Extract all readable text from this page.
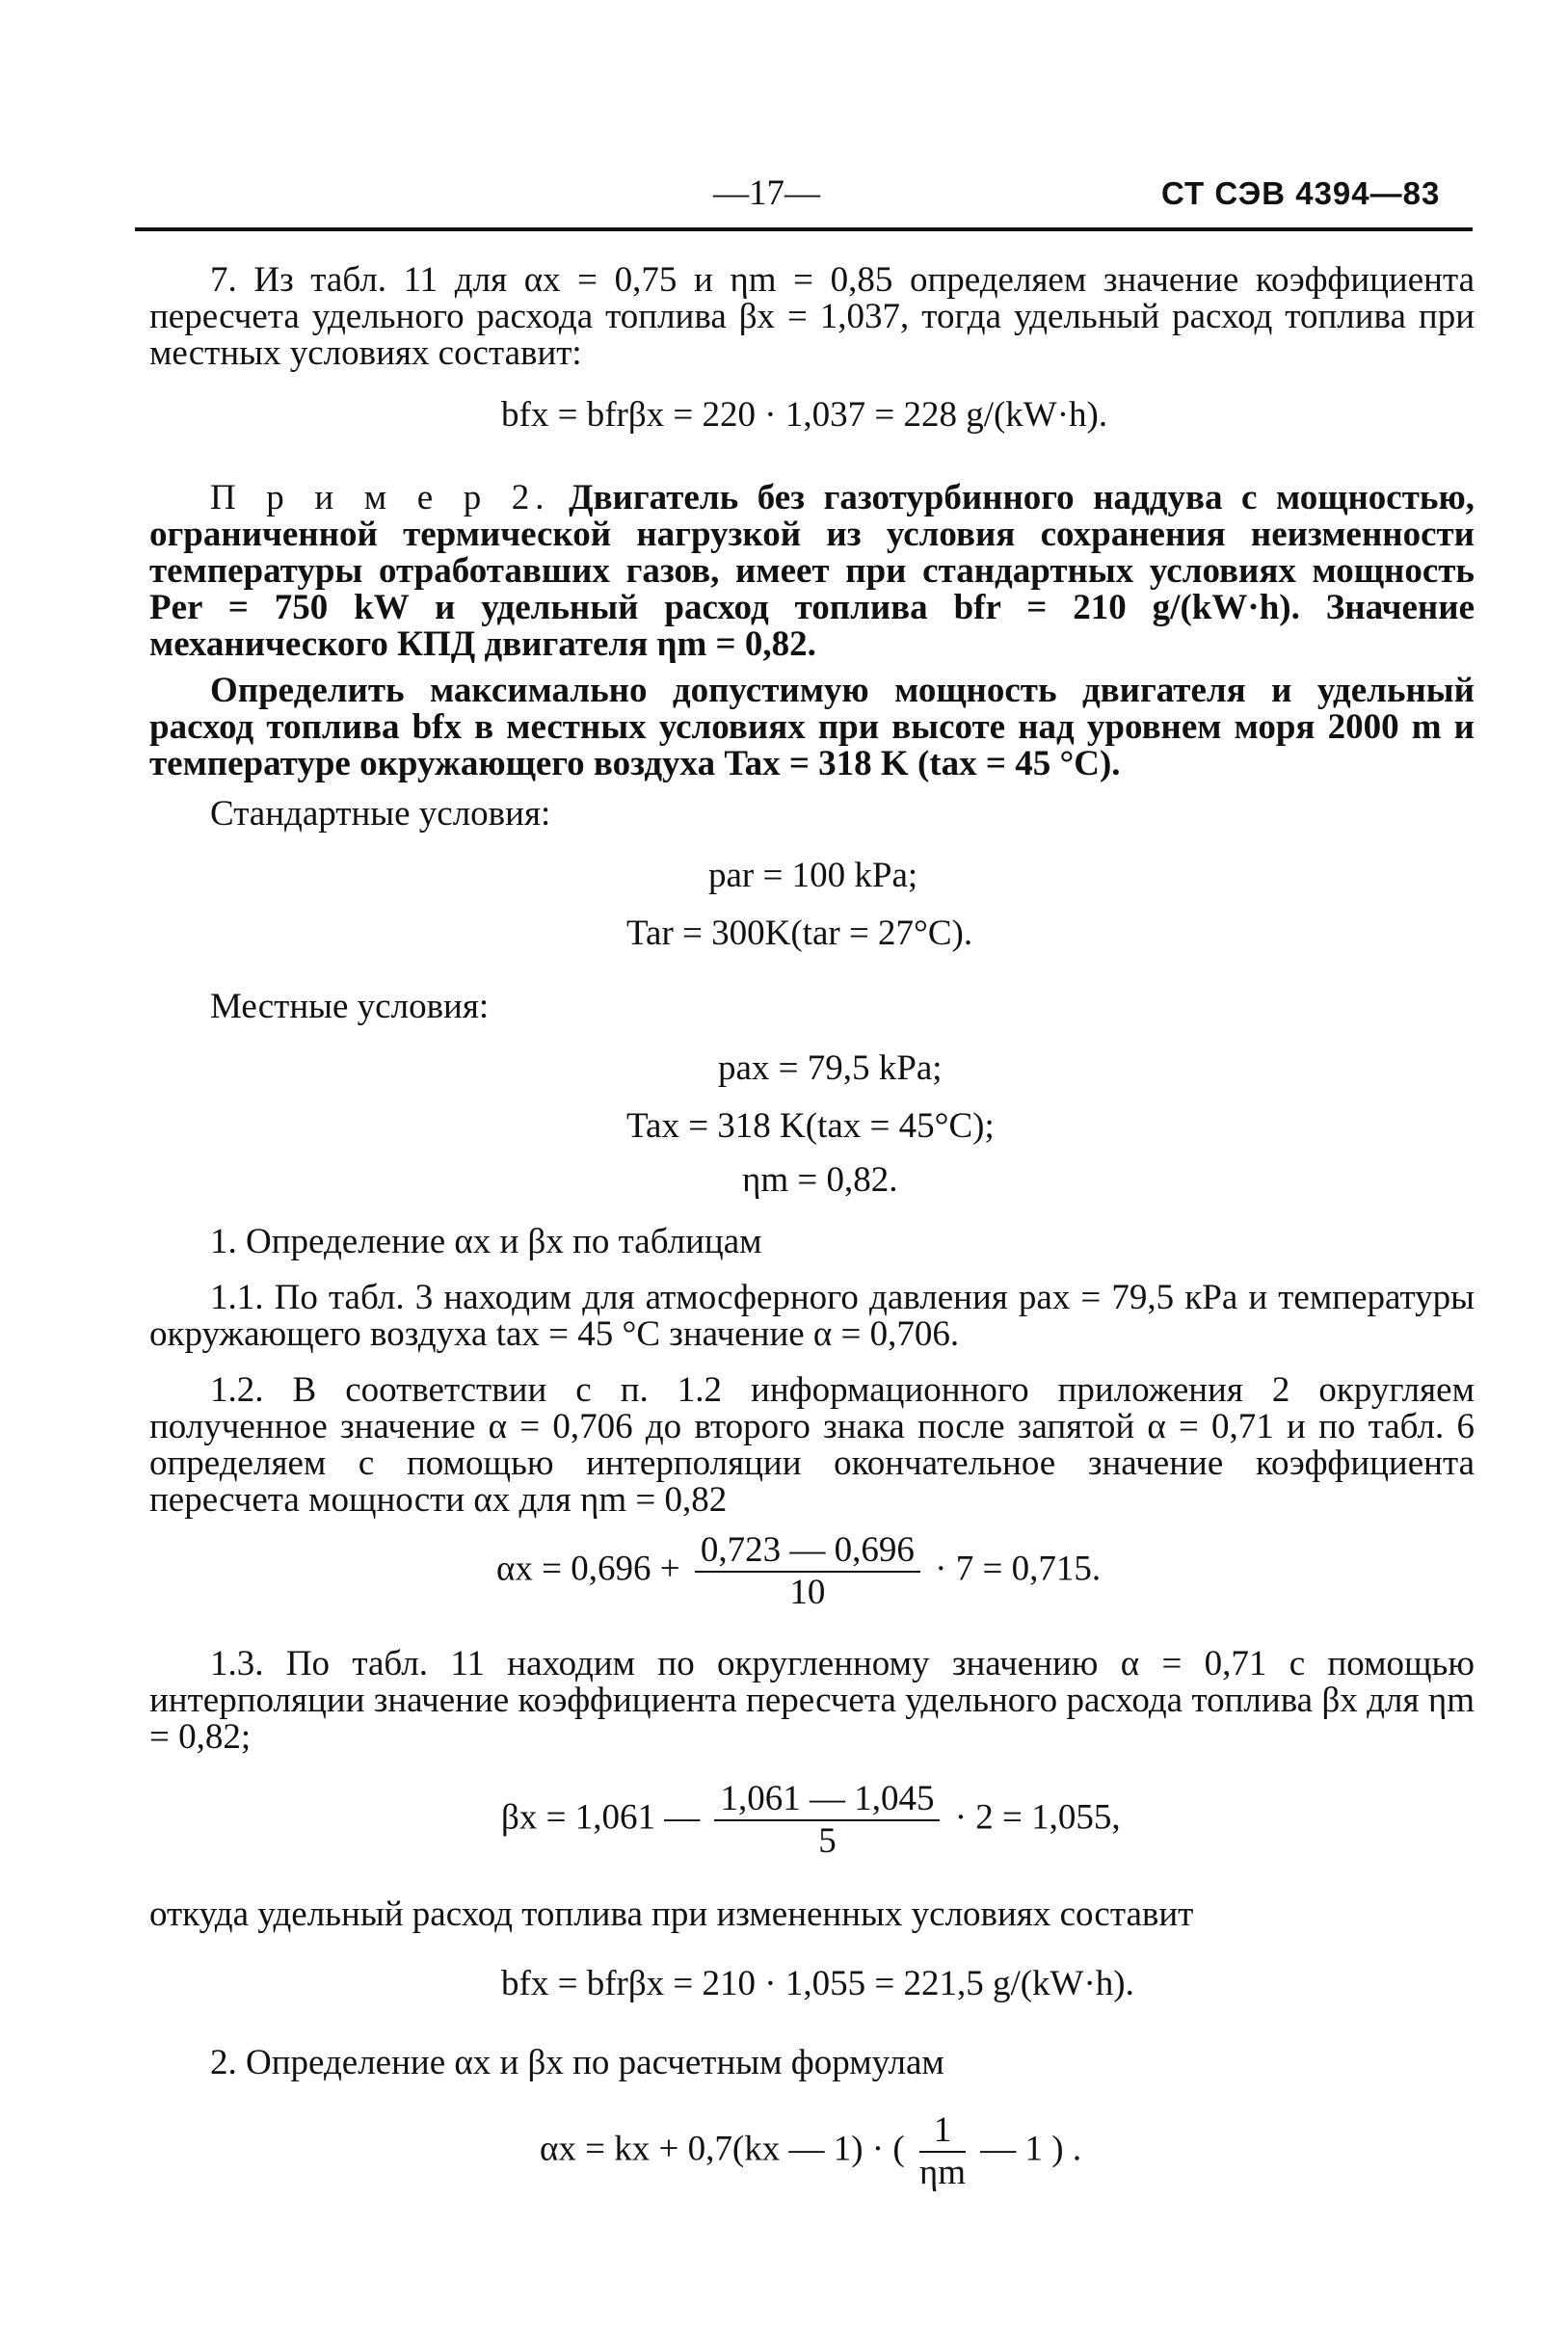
—17—	СТ СЭВ 4394—83
7. Из табл. 11 для αx = 0,75 и ηm = 0,85 определяем значение коэффициента пересчета удельного расхода топлива βx = 1,037, тогда удельный расход топлива при местных условиях составит:
bfx = bfrβx = 220 · 1,037 = 228 g/(kW·h).
П р и м е р 2. Двигатель без газотурбинного наддува с мощностью, ограниченной термической нагрузкой из условия сохранения неизменности температуры отработавших газов, имеет при стандартных условиях мощность Per = 750 kW и удельный расход топлива bfr = 210 g/(kW·h). Значение механического КПД двигателя ηm = 0,82.
Определить максимально допустимую мощность двигателя и удельный расход топлива bfx в местных условиях при высоте над уровнем моря 2000 m и температуре окружающего воздуха Tax = 318 K (tax = 45 °C).
Стандартные условия:
par = 100 kPa;
Tar = 300K(tar = 27°C).
Местные условия:
pax = 79,5 kPa;
Tax = 318 K(tax = 45°C);
ηm = 0,82.
1. Определение αx и βx по таблицам
1.1. По табл. 3 находим для атмосферного давления pax = 79,5 кРа и температуры окружающего воздуха tax = 45 °С значение α = 0,706.
1.2. В соответствии с п. 1.2 информационного приложения 2 округляем полученное значение α = 0,706 до второго знака после запятой α = 0,71 и по табл. 6 определяем с помощью интерполяции окончательное значение коэффициента пересчета мощности αx для ηm = 0,82
$\alpha x = 0,696 + \frac{0,723 — 0,696}{10} \cdot 7 = 0,715$.
1.3. По табл. 11 находим по округленному значению α = 0,71 с помощью интерполяции значение коэффициента пересчета удельного расхода топлива βx для ηm = 0,82;
βx = 1,061 — $\frac{1,061 — 1,045}{5} \cdot 2 = 1,055$,
откуда удельный расход топлива при измененных условиях составит
bfx = bfrβx = 210 · 1,055 = 221,5 g/(kW·h).
2. Определение αx и βx по расчетным формулам
αx = kx + 0,7(kx — 1) · ( $\frac{1}{\eta m}$ — 1 ) .
